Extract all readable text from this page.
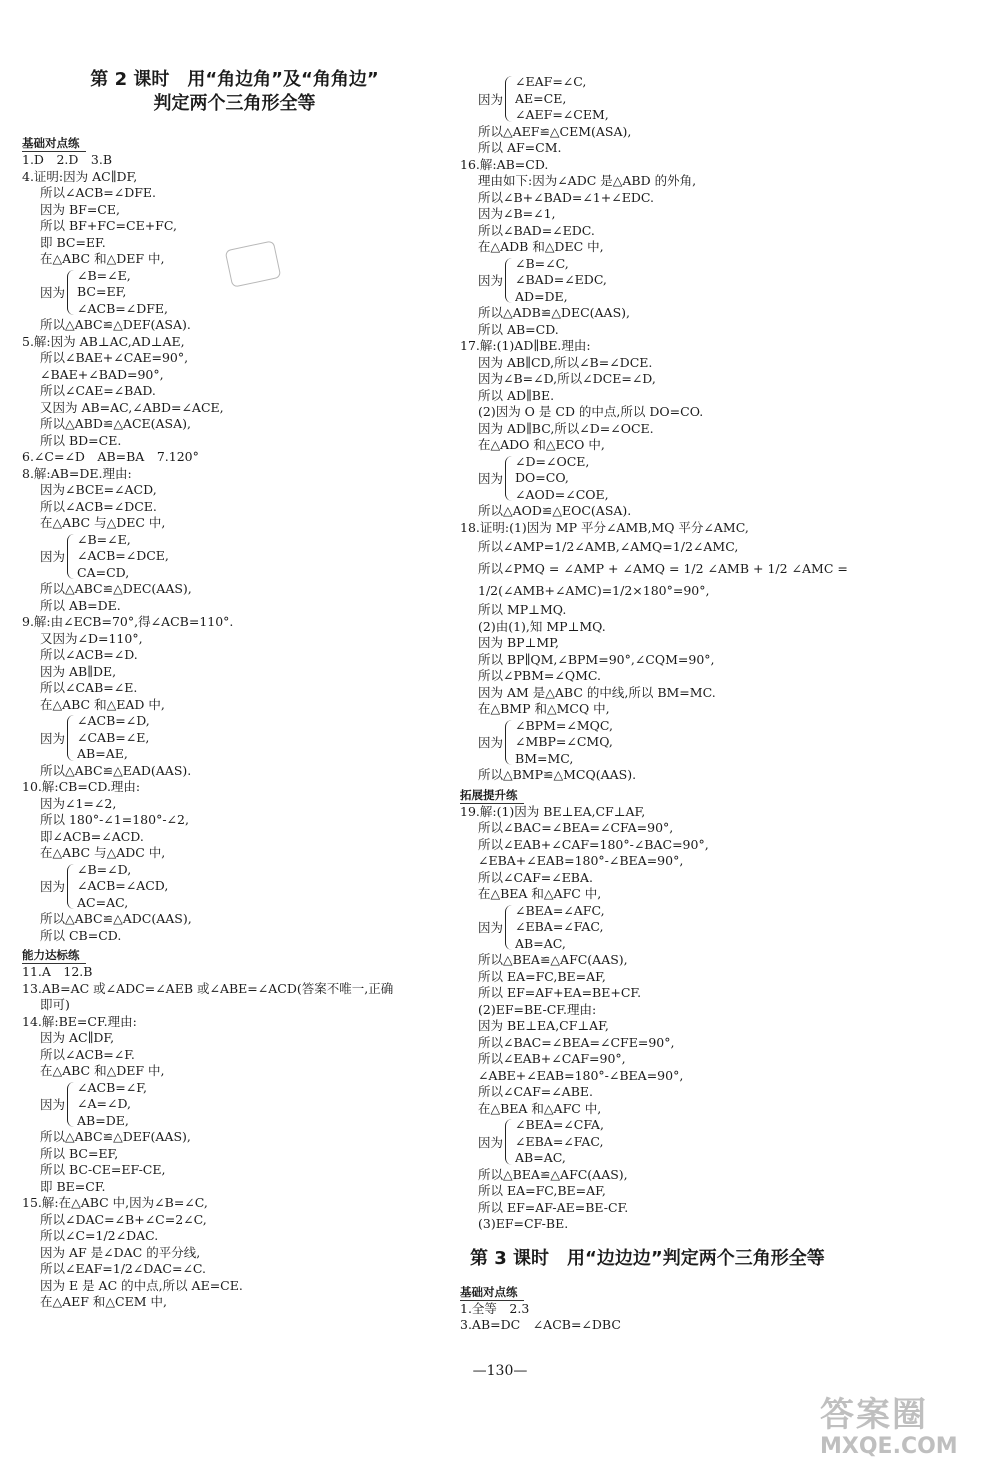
第 2 课时　用“角边角”及“角角边”
判定两个三角形全等
基础对点练
1.D　2.D　3.B
4.证明:因为 AC∥DF,
所以∠ACB=∠DFE.
因为 BF=CE,
所以 BF+FC=CE+FC,
即 BC=EF.
在△ABC 和△DEF 中,
因为
∠B=∠E,
BC=EF,
∠ACB=∠DFE,
所以△ABC≌△DEF(ASA).
5.解:因为 AB⊥AC,AD⊥AE,
所以∠BAE+∠CAE=90°,
∠BAE+∠BAD=90°,
所以∠CAE=∠BAD.
又因为 AB=AC,∠ABD=∠ACE,
所以△ABD≌△ACE(ASA),
所以 BD=CE.
6.∠C=∠D　AB=BA　7.120°
8.解:AB=DE.理由:
因为∠BCE=∠ACD,
所以∠ACB=∠DCE.
在△ABC 与△DEC 中,
因为
∠B=∠E,
∠ACB=∠DCE,
CA=CD,
所以△ABC≌△DEC(AAS),
所以 AB=DE.
9.解:由∠ECB=70°,得∠ACB=110°.
又因为∠D=110°,
所以∠ACB=∠D.
因为 AB∥DE,
所以∠CAB=∠E.
在△ABC 和△EAD 中,
因为
∠ACB=∠D,
∠CAB=∠E,
AB=AE,
所以△ABC≌△EAD(AAS).
10.解:CB=CD.理由:
因为∠1=∠2,
所以 180°-∠1=180°-∠2,
即∠ACB=∠ACD.
在△ABC 与△ADC 中,
因为
∠B=∠D,
∠ACB=∠ACD,
AC=AC,
所以△ABC≌△ADC(AAS),
所以 CB=CD.
能力达标练
11.A　12.B
13.AB=AC 或∠ADC=∠AEB 或∠ABE=∠ACD(答案不唯一,正确
即可)
14.解:BE=CF.理由:
因为 AC∥DF,
所以∠ACB=∠F.
在△ABC 和△DEF 中,
因为
∠ACB=∠F,
∠A=∠D,
AB=DE,
所以△ABC≌△DEF(AAS),
所以 BC=EF,
所以 BC-CE=EF-CE,
即 BE=CF.
15.解:在△ABC 中,因为∠B=∠C,
所以∠DAC=∠B+∠C=2∠C,
所以∠C=1/2∠DAC.
因为 AF 是∠DAC 的平分线,
所以∠EAF=1/2∠DAC=∠C.
因为 E 是 AC 的中点,所以 AE=CE.
在△AEF 和△CEM 中,
因为
∠EAF=∠C,
AE=CE,
∠AEF=∠CEM,
所以△AEF≌△CEM(ASA),
所以 AF=CM.
16.解:AB=CD.
理由如下:因为∠ADC 是△ABD 的外角,
所以∠B+∠BAD=∠1+∠EDC.
因为∠B=∠1,
所以∠BAD=∠EDC.
在△ADB 和△DEC 中,
因为
∠B=∠C,
∠BAD=∠EDC,
AD=DE,
所以△ADB≌△DEC(AAS),
所以 AB=CD.
17.解:(1)AD∥BE.理由:
因为 AB∥CD,所以∠B=∠DCE.
因为∠B=∠D,所以∠DCE=∠D,
所以 AD∥BE.
(2)因为 O 是 CD 的中点,所以 DO=CO.
因为 AD∥BC,所以∠D=∠OCE.
在△ADO 和△ECO 中,
因为
∠D=∠OCE,
DO=CO,
∠AOD=∠COE,
所以△AOD≌△EOC(ASA).
18.证明:(1)因为 MP 平分∠AMB,MQ 平分∠AMC,
所以∠AMP=1/2∠AMB,∠AMQ=1/2∠AMC,
所以∠PMQ = ∠AMP + ∠AMQ = 1/2 ∠AMB + 1/2 ∠AMC =
1/2(∠AMB+∠AMC)=1/2×180°=90°,
所以 MP⊥MQ.
(2)由(1),知 MP⊥MQ.
因为 BP⊥MP,
所以 BP∥QM,∠BPM=90°,∠CQM=90°,
所以∠PBM=∠QMC.
因为 AM 是△ABC 的中线,所以 BM=MC.
在△BMP 和△MCQ 中,
因为
∠BPM=∠MQC,
∠MBP=∠CMQ,
BM=MC,
所以△BMP≌△MCQ(AAS).
拓展提升练
19.解:(1)因为 BE⊥EA,CF⊥AF,
所以∠BAC=∠BEA=∠CFA=90°,
所以∠EAB+∠CAF=180°-∠BAC=90°,
∠EBA+∠EAB=180°-∠BEA=90°,
所以∠CAF=∠EBA.
在△BEA 和△AFC 中,
因为
∠BEA=∠AFC,
∠EBA=∠FAC,
AB=AC,
所以△BEA≌△AFC(AAS),
所以 EA=FC,BE=AF,
所以 EF=AF+EA=BE+CF.
(2)EF=BE-CF.理由:
因为 BE⊥EA,CF⊥AF,
所以∠BAC=∠BEA=∠CFE=90°,
所以∠EAB+∠CAF=90°,
∠ABE+∠EAB=180°-∠BEA=90°,
所以∠CAF=∠ABE.
在△BEA 和△AFC 中,
因为
∠BEA=∠CFA,
∠EBA=∠FAC,
AB=AC,
所以△BEA≌△AFC(AAS),
所以 EA=FC,BE=AF,
所以 EF=AF-AE=BE-CF.
(3)EF=CF-BE.
第 3 课时　用“边边边”判定两个三角形全等
基础对点练
1.全等　2.3
3.AB=DC　∠ACB=∠DBC
—130—
答案圈
MXQE.COM
